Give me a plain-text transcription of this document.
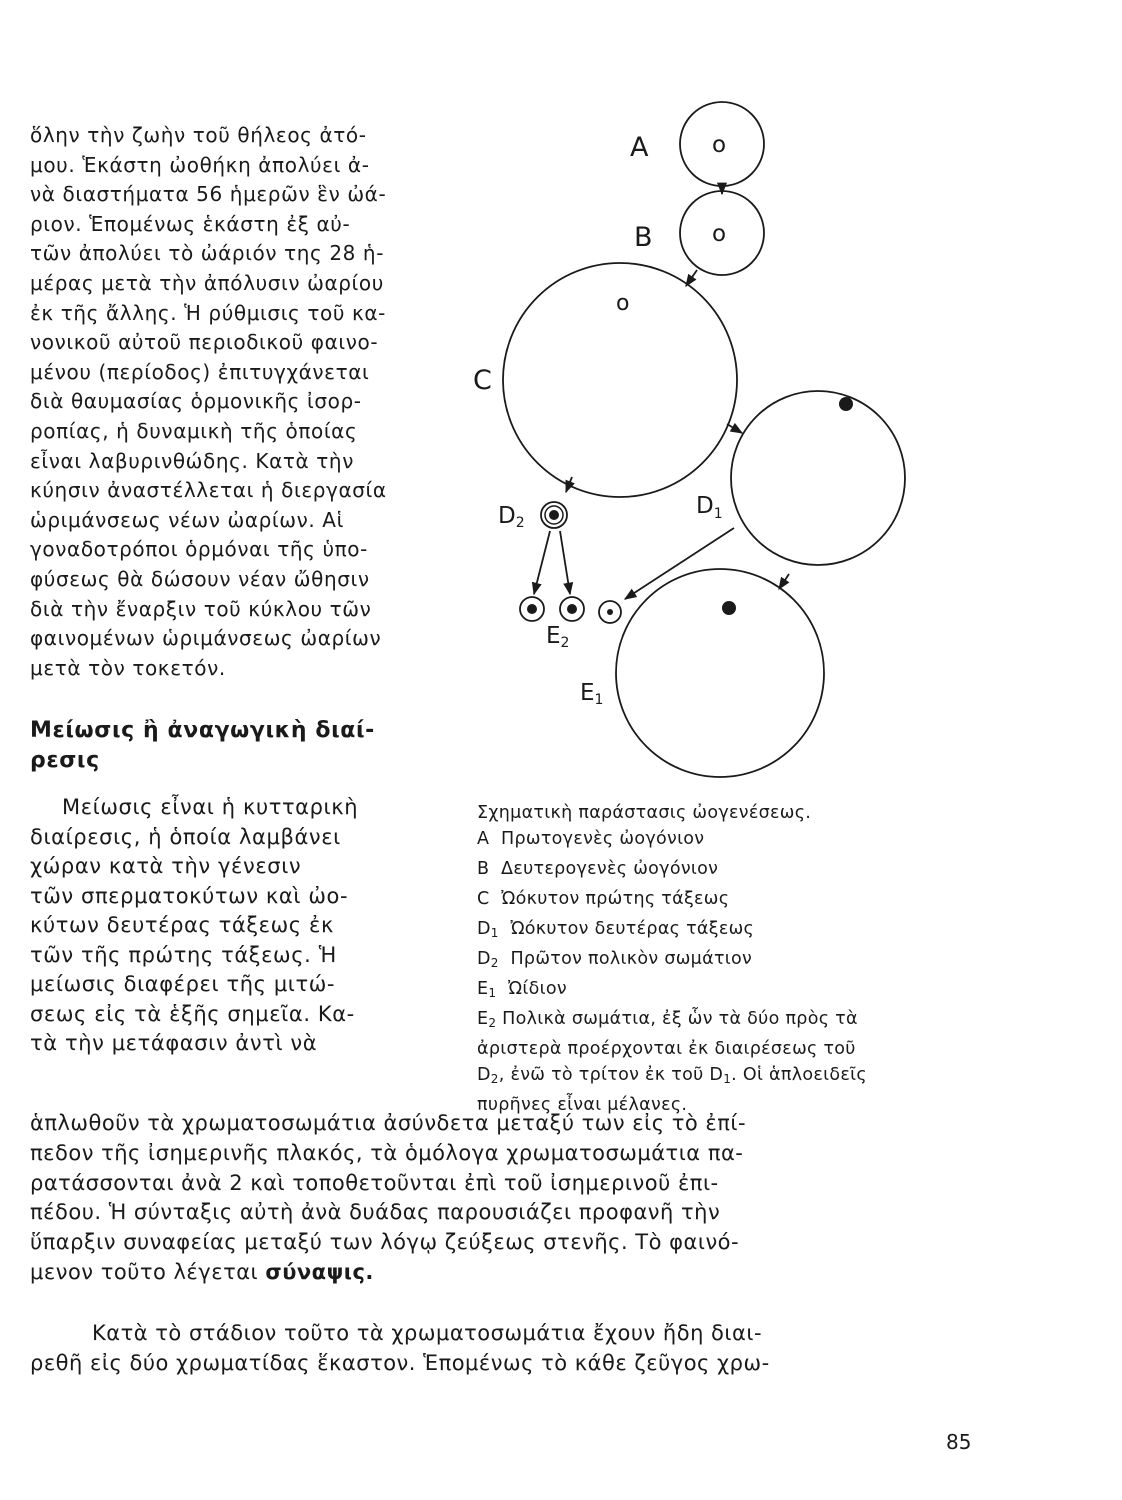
ὅλην τὴν ζωὴν τοῦ θήλεος ἀτό-
μου. Ἑκάστη ὠοθήκη ἀπολύει ἀ-
νὰ διαστήματα 56 ἡμερῶν ἓν ὠά-
ριον. Ἑπομένως ἑκάστη ἐξ αὐ-
τῶν ἀπολύει τὸ ὠάριόν της 28 ἡ-
μέρας μετὰ τὴν ἀπόλυσιν ὠαρίου
ἐκ τῆς ἄλλης. Ἡ ρύθμισις τοῦ κα-
νονικοῦ αὐτοῦ περιοδικοῦ φαινο-
μένου (περίοδος) ἐπιτυγχάνεται
διὰ θαυμασίας ὁρμονικῆς ἰσορ-
ροπίας, ἡ δυναμικὴ τῆς ὁποίας
εἶναι λαβυρινθώδης. Κατὰ τὴν
κύησιν ἀναστέλλεται ἡ διεργασία
ὡριμάνσεως νέων ὠαρίων. Αἱ
γοναδοτρόποι ὁρμόναι τῆς ὑπο-
φύσεως θὰ δώσουν νέαν ὤθησιν
διὰ τὴν ἔναρξιν τοῦ κύκλου τῶν
φαινομένων ὡριμάνσεως ὠαρίων
μετὰ τὸν τοκετόν.
Μείωσις ἢ ἀναγωγικὴ διαί-
ρεσις
Μείωσις εἶναι ἡ κυτταρικὴ
διαίρεσις, ἡ ὁποία λαμβάνει
χώραν κατὰ τὴν γένεσιν
τῶν σπερματοκύτων καὶ ὠο-
κύτων δευτέρας τάξεως ἐκ
τῶν τῆς πρώτης τάξεως. Ἡ
μείωσις διαφέρει τῆς μιτώ-
σεως εἰς τὰ ἑξῆς σημεῖα. Κα-
τὰ τὴν μετάφασιν ἀντὶ νὰ
ἁπλωθοῦν τὰ χρωματοσωμάτια ἀσύνδετα μεταξύ των εἰς τὸ ἐπί-
πεδον τῆς ἰσημερινῆς πλακός, τὰ ὁμόλογα χρωματοσωμάτια πα-
ρατάσσονται ἀνὰ 2 καὶ τοποθετοῦνται ἐπὶ τοῦ ἰσημερινοῦ ἐπι-
πέδου. Ἡ σύνταξις αὐτὴ ἀνὰ δυάδας παρουσιάζει προφανῆ τὴν
ὕπαρξιν συναφείας μεταξύ των λόγῳ ζεύξεως στενῆς. Τὸ φαινό-
μενον τοῦτο λέγεται σύναψις.
Κατὰ τὸ στάδιον τοῦτο τὰ χρωματοσωμάτια ἔχουν ἤδη διαι-
ρεθῆ εἰς δύο χρωματίδας ἕκαστον. Ἑπομένως τὸ κάθε ζεῦγος χρω-
A	o
B	o
o
C
$D_1$
D2
E2
E1
Σχηματικὴ παράστασις ὠογενέσεως.
A Πρωτογενὲς ὠογόνιον
B Δευτερογενὲς ὠογόνιον
C Ὠόκυτον πρώτης τάξεως
$D_1$ Ὠόκυτον δευτέρας τάξεως
$D_2$ Πρῶτον πολικὸν σωμάτιον
$E_1$ Ὠίδιον
$E_2$ Πολικὰ σωμάτια, ἐξ ὧν τὰ δύο πρὸς τὰ
ἀριστερὰ προέρχονται ἐκ διαιρέσεως τοῦ
$D_2$, ἐνῶ τὸ τρίτον ἐκ τοῦ $D_1$. Οἱ ἁπλοειδεῖς
πυρῆνες εἶναι μέλανες.
85
